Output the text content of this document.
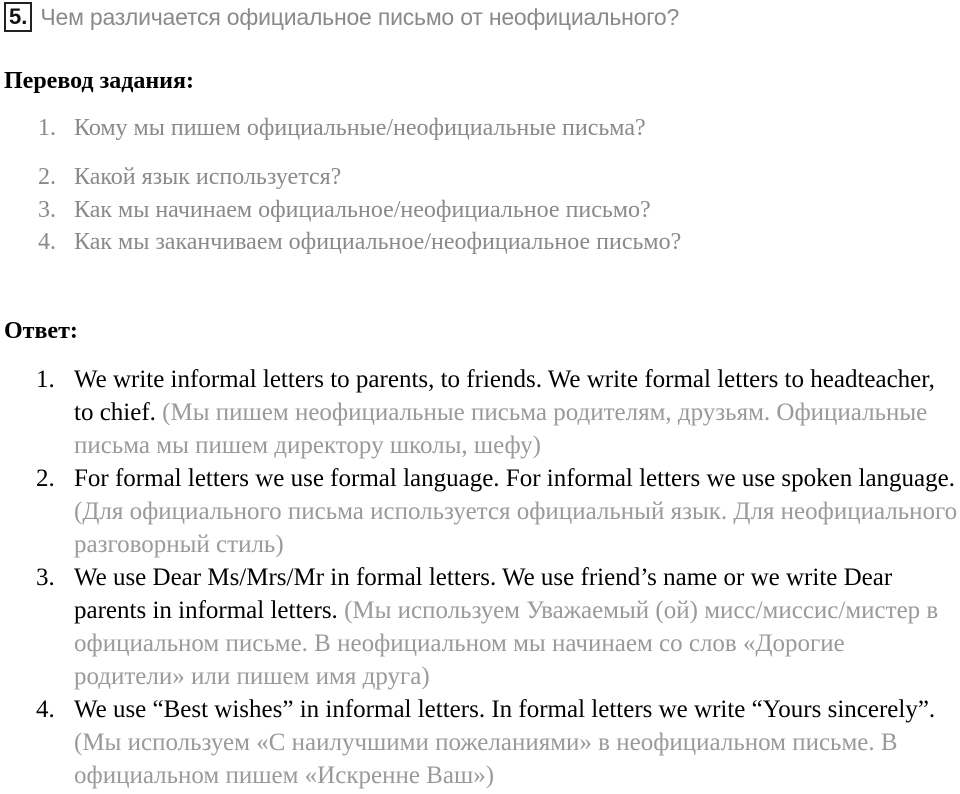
5. Чем различается официальное письмо от неофициального?
Перевод задания:
1. Кому мы пишем официальные/неофициальные письма?
2. Какой язык используется?
3. Как мы начинаем официальное/неофициальное письмо?
4. Как мы заканчиваем официальное/неофициальное письмо?
Ответ:
1. We write informal letters to parents, to friends. We write formal letters to headteacher, to chief. (Мы пишем неофициальные письма родителям, друзьям. Официальные письма мы пишем директору школы, шефу)
2. For formal letters we use formal language. For informal letters we use spoken language. (Для официального письма используется официальный язык. Для неофициального разговорный стиль)
3. We use Dear Ms/Mrs/Mr in formal letters. We use friend’s name or we write Dear parents in informal letters. (Мы используем Уважаемый (ой) мисс/миссис/мистер в официальном письме. В неофициальном мы начинаем со слов «Дорогие родители» или пишем имя друга)
4. We use “Best wishes” in informal letters. In formal letters we write “Yours sincerely”. (Мы используем «С наилучшими пожеланиями» в неофициальном письме. В официальном пишем «Искренне Ваш»)
